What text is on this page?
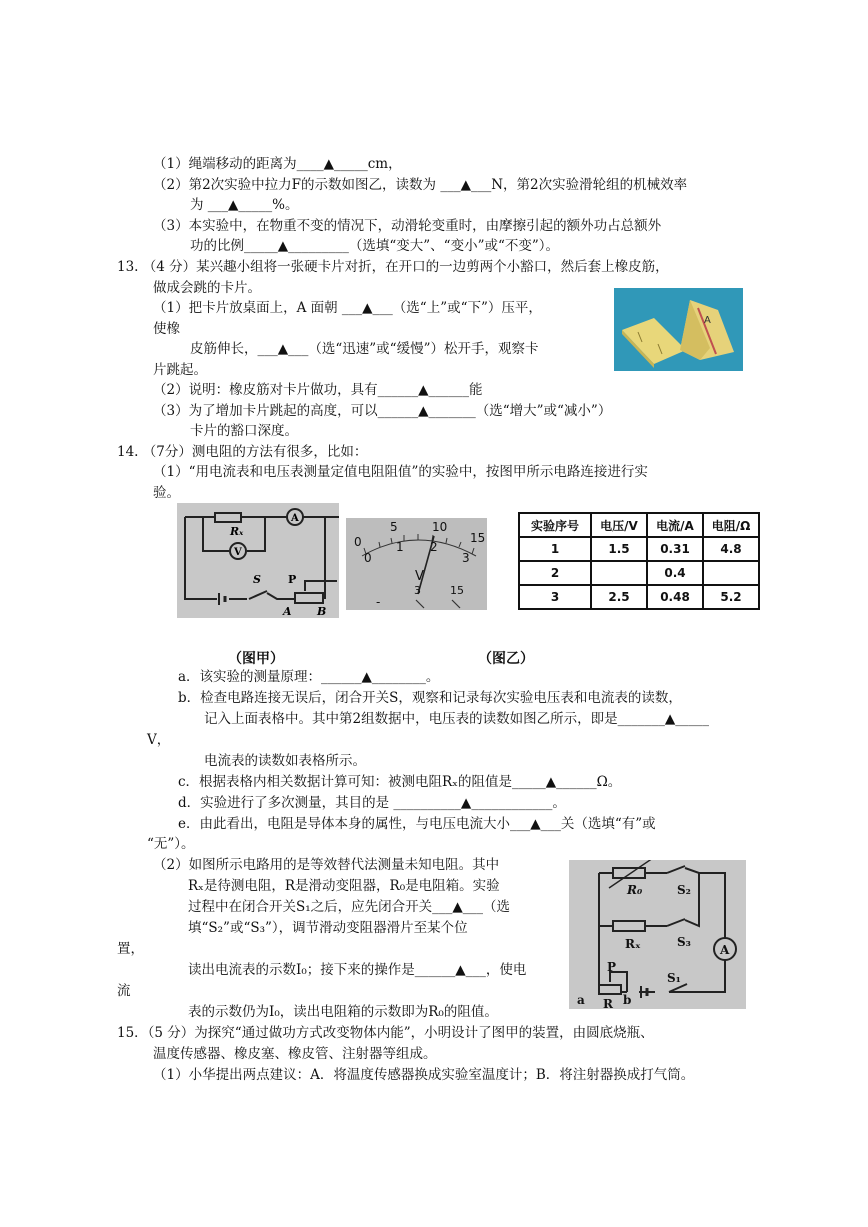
（1）绳端移动的距离为____▲_____cm，
（2）第2次实验中拉力F的示数如图乙，读数为 ___▲___N，第2次实验滑轮组的机械效率
为 ___▲_____%。
（3）本实验中，在物重不变的情况下，动滑轮变重时，由摩擦引起的额外功占总额外
功的比例_____▲_________（选填“变大”、“变小”或“不变”）。
13. （4 分）某兴趣小组将一张硬卡片对折，在开口的一边剪两个小豁口，然后套上橡皮筋，
做成会跳的卡片。
（1）把卡片放桌面上，A 面朝 ___▲___（选“上”或“下”）压平，
使橡
皮筋伸长，___▲___（选“迅速”或“缓慢”）松开手，观察卡
片跳起。
（2）说明：橡皮筋对卡片做功，具有______▲______能
（3）为了增加卡片跳起的高度，可以______▲_______（选“增大”或“减小”）
卡片的豁口深度。
14. （7分）测电阻的方法有很多，比如：
（1）“用电流表和电压表测量定值电阻阻值”的实验中，按图甲所示电路连接进行实
验。
a．该实验的测量原理：______▲________。
b．检查电路连接无误后，闭合开关S，观察和记录每次实验电压表和电流表的读数，
记入上面表格中。其中第2组数据中，电压表的读数如图乙所示，即是_______▲_____
V，
电流表的读数如表格所示。
c．根据表格内相关数据计算可知：被测电阻Rₓ的阻值是_____▲______Ω。
d．实验进行了多次测量，其目的是 __________▲____________。
e．由此看出，电阻是导体本身的属性，与电压电流大小___▲___关（选填“有”或
“无”）。
（2）如图所示电路用的是等效替代法测量未知电阻。其中
Rₓ是待测电阻，R是滑动变阻器，R₀是电阻箱。实验
过程中在闭合开关S₁之后，应先闭合开关___▲___（选
填“S₂”或“S₃”），调节滑动变阻器滑片至某个位
置，
读出电流表的示数I₀；接下来的操作是______▲___，使电
流
表的示数仍为I₀，读出电阻箱的示数即为R₀的阻值。
15．（5 分）为探究“通过做功方式改变物体内能”，小明设计了图甲的装置，由圆底烧瓶、
温度传感器、橡皮塞、橡皮管、注射器等组成。
（1）小华提出两点建议：A．将温度传感器换成实验室温度计；B．将注射器换成打气筒。
A
Rₓ
A
V
S P
A B
0
5	10
15
0
1 2
3
V
-
3	15
实验序号	电压/V	电流/A	电阻/Ω
1	1.5	0.31	4.8
2		0.4	
3	2.5	0.48	5.2
（图甲）	（图乙）
R₀
Rₓ
S₂
S₃
A
S₁
P
R
a	b
